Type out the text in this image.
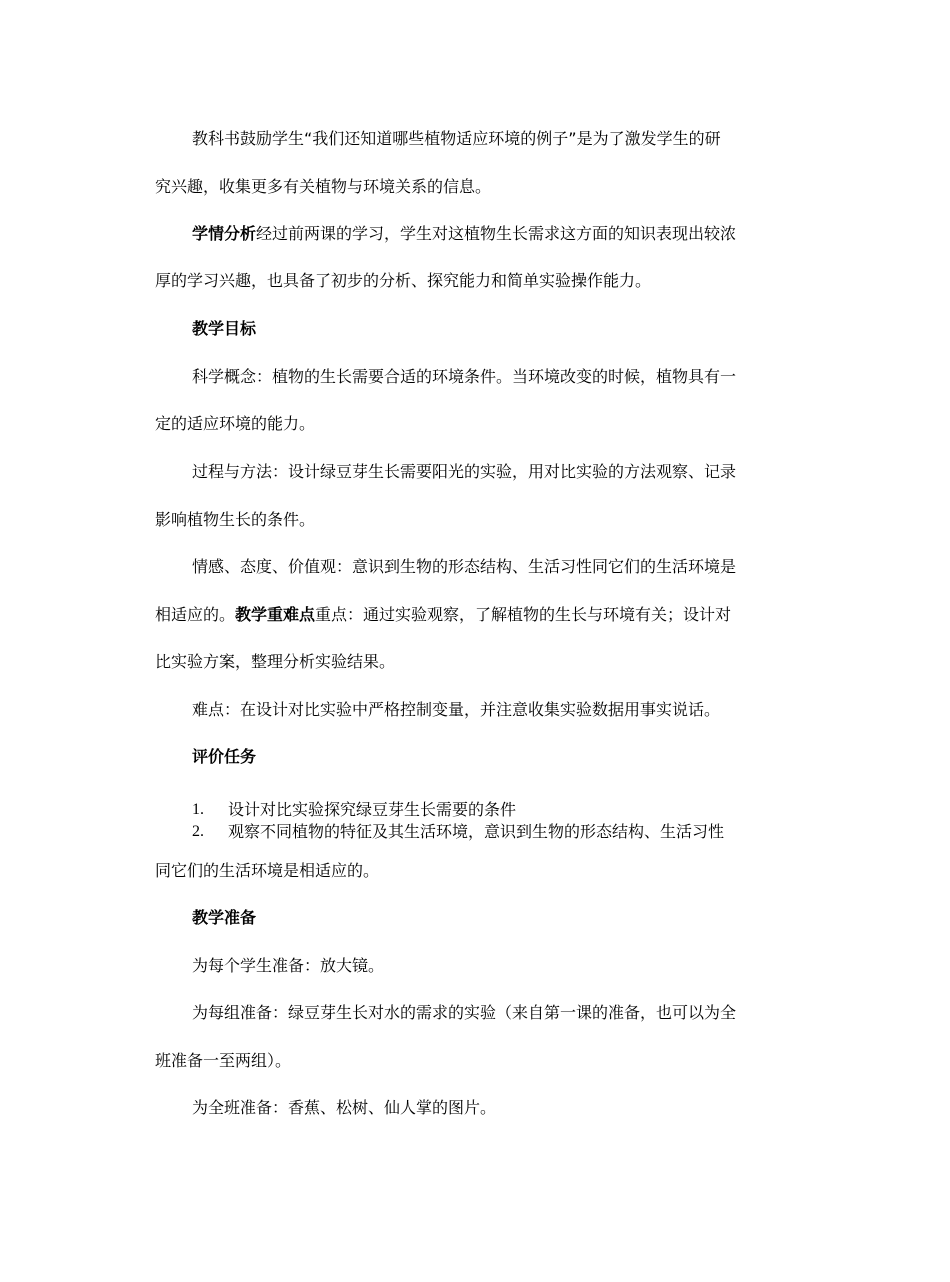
教科书鼓励学生“我们还知道哪些植物适应环境的例子”是为了激发学生的研
究兴趣，收集更多有关植物与环境关系的信息。
学情分析经过前两课的学习，学生对这植物生长需求这方面的知识表现出较浓
厚的学习兴趣，也具备了初步的分析、探究能力和简单实验操作能力。
教学目标
科学概念：植物的生长需要合适的环境条件。当环境改变的时候，植物具有一
定的适应环境的能力。
过程与方法：设计绿豆芽生长需要阳光的实验，用对比实验的方法观察、记录
影响植物生长的条件。
情感、态度、价值观：意识到生物的形态结构、生活习性同它们的生活环境是
相适应的。教学重难点重点：通过实验观察，了解植物的生长与环境有关；设计对
比实验方案，整理分析实验结果。
难点：在设计对比实验中严格控制变量，并注意收集实验数据用事实说话。
评价任务
1. 设计对比实验探究绿豆芽生长需要的条件
2. 观察不同植物的特征及其生活环境，意识到生物的形态结构、生活习性
同它们的生活环境是相适应的。
教学准备
为每个学生准备：放大镜。
为每组准备：绿豆芽生长对水的需求的实验（来自第一课的准备，也可以为全
班准备一至两组）。
为全班准备：香蕉、松树、仙人掌的图片。
